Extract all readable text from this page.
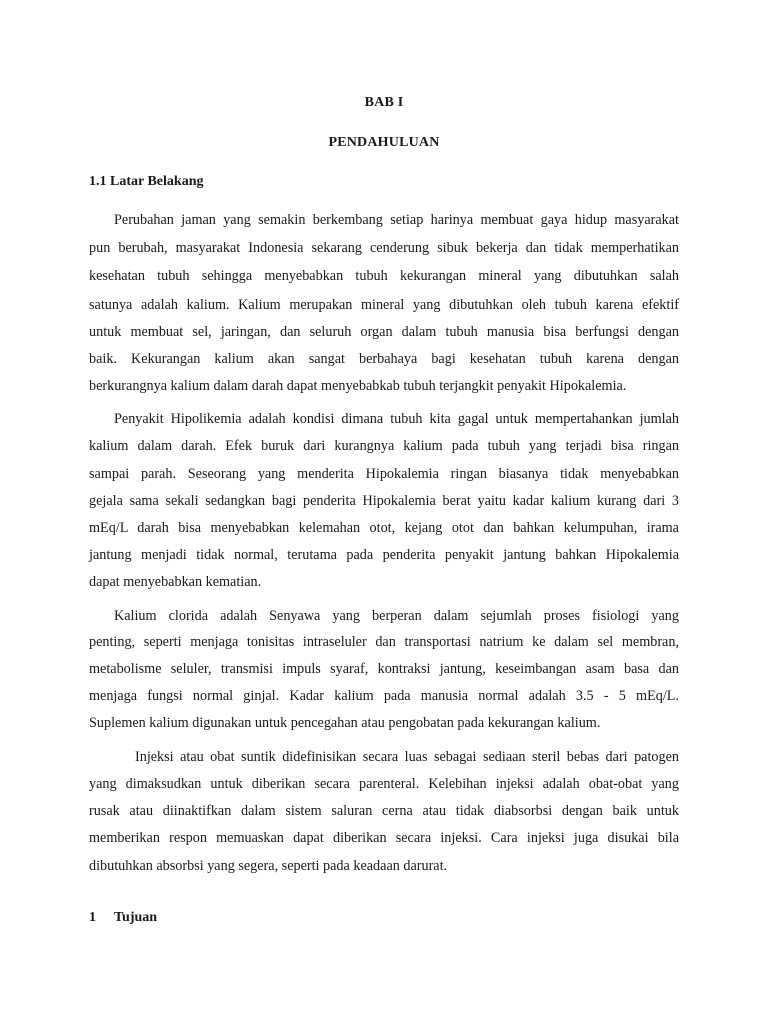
BAB I
PENDAHULUAN
1.1 Latar Belakang
Perubahan jaman yang semakin berkembang setiap harinya membuat gaya hidup masyarakat
pun berubah, masyarakat Indonesia sekarang cenderung sibuk bekerja dan tidak memperhatikan
kesehatan tubuh sehingga menyebabkan tubuh kekurangan mineral yang dibutuhkan salah
satunya adalah kalium. Kalium merupakan mineral yang dibutuhkan oleh tubuh karena efektif
untuk membuat sel, jaringan, dan seluruh organ dalam tubuh manusia bisa berfungsi dengan
baik. Kekurangan kalium akan sangat berbahaya bagi kesehatan tubuh karena dengan
berkurangnya kalium dalam darah dapat menyebabkab tubuh terjangkit penyakit Hipokalemia.
Penyakit Hipolikemia adalah kondisi dimana tubuh kita gagal untuk mempertahankan jumlah
kalium dalam darah. Efek buruk dari kurangnya kalium pada tubuh yang terjadi bisa ringan
sampai parah. Seseorang yang menderita Hipokalemia ringan biasanya tidak menyebabkan
gejala sama sekali sedangkan bagi penderita Hipokalemia berat yaitu kadar kalium kurang dari 3
mEq/L darah bisa menyebabkan kelemahan otot, kejang otot dan bahkan kelumpuhan, irama
jantung menjadi tidak normal, terutama pada penderita penyakit jantung bahkan Hipokalemia
dapat menyebabkan kematian.
Kalium clorida adalah Senyawa yang berperan dalam sejumlah proses fisiologi yang
penting, seperti menjaga tonisitas intraseluler dan transportasi natrium ke dalam sel membran,
metabolisme seluler, transmisi impuls syaraf, kontraksi jantung, keseimbangan asam basa dan
menjaga fungsi normal ginjal. Kadar kalium pada manusia normal adalah 3.5 - 5 mEq/L.
Suplemen kalium digunakan untuk pencegahan atau pengobatan pada kekurangan kalium.
Injeksi atau obat suntik didefinisikan secara luas sebagai sediaan steril bebas dari patogen
yang dimaksudkan untuk diberikan secara parenteral. Kelebihan injeksi adalah obat-obat yang
rusak atau diinaktifkan dalam sistem saluran cerna atau tidak diabsorbsi dengan baik untuk
memberikan respon memuaskan dapat diberikan secara injeksi. Cara injeksi juga disukai bila
dibutuhkan absorbsi yang segera, seperti pada keadaan darurat.
1 Tujuan
